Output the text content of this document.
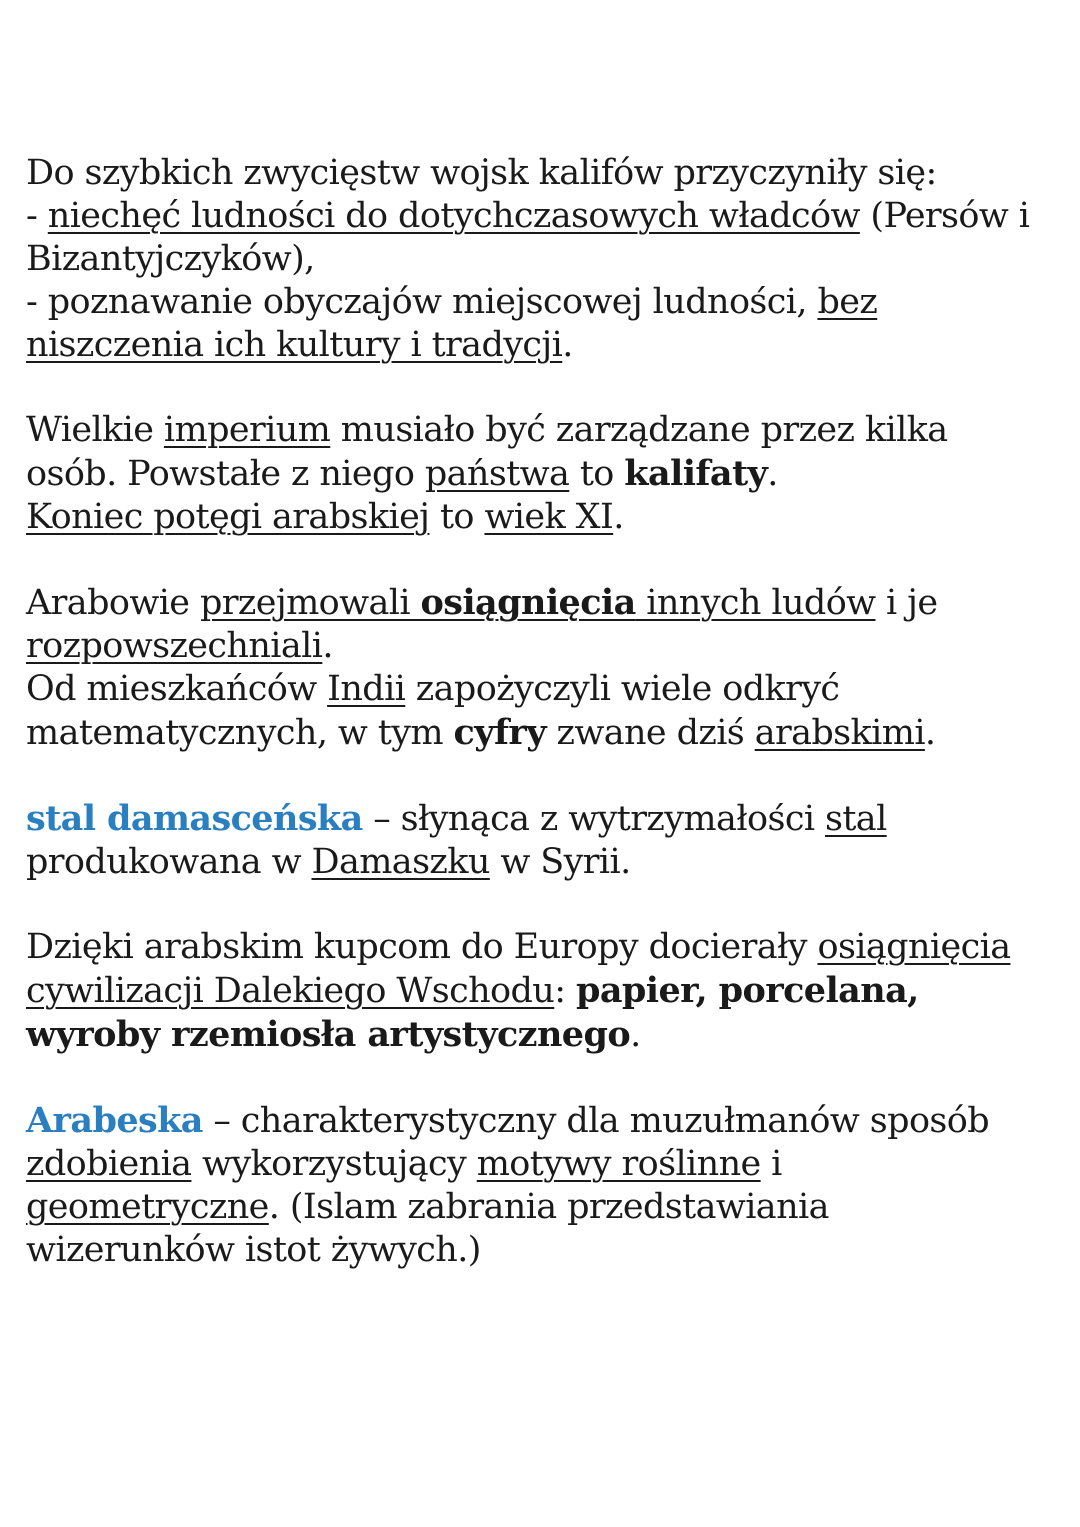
Do szybkich zwycięstw wojsk kalifów przyczyniły się:
- niechęć ludności do dotychczasowych władców (Persów i
Bizantyjczyków),
- poznawanie obyczajów miejscowej ludności, bez
niszczenia ich kultury i tradycji.

Wielkie imperium musiało być zarządzane przez kilka
osób. Powstałe z niego państwa to kalifaty.
Koniec potęgi arabskiej to wiek XI.

Arabowie przejmowali osiągnięcia innych ludów i je
rozpowszechniali.
Od mieszkańców Indii zapożyczyli wiele odkryć
matematycznych, w tym cyfry zwane dziś arabskimi.

stal damasceńska – słynąca z wytrzymałości stal
produkowana w Damaszku w Syrii.

Dzięki arabskim kupcom do Europy docierały osiągnięcia
cywilizacji Dalekiego Wschodu: papier, porcelana,
wyroby rzemiosła artystycznego.

Arabeska – charakterystyczny dla muzułmanów sposób
zdobienia wykorzystujący motywy roślinne i
geometryczne. (Islam zabrania przedstawiania
wizerunków istot żywych.)
